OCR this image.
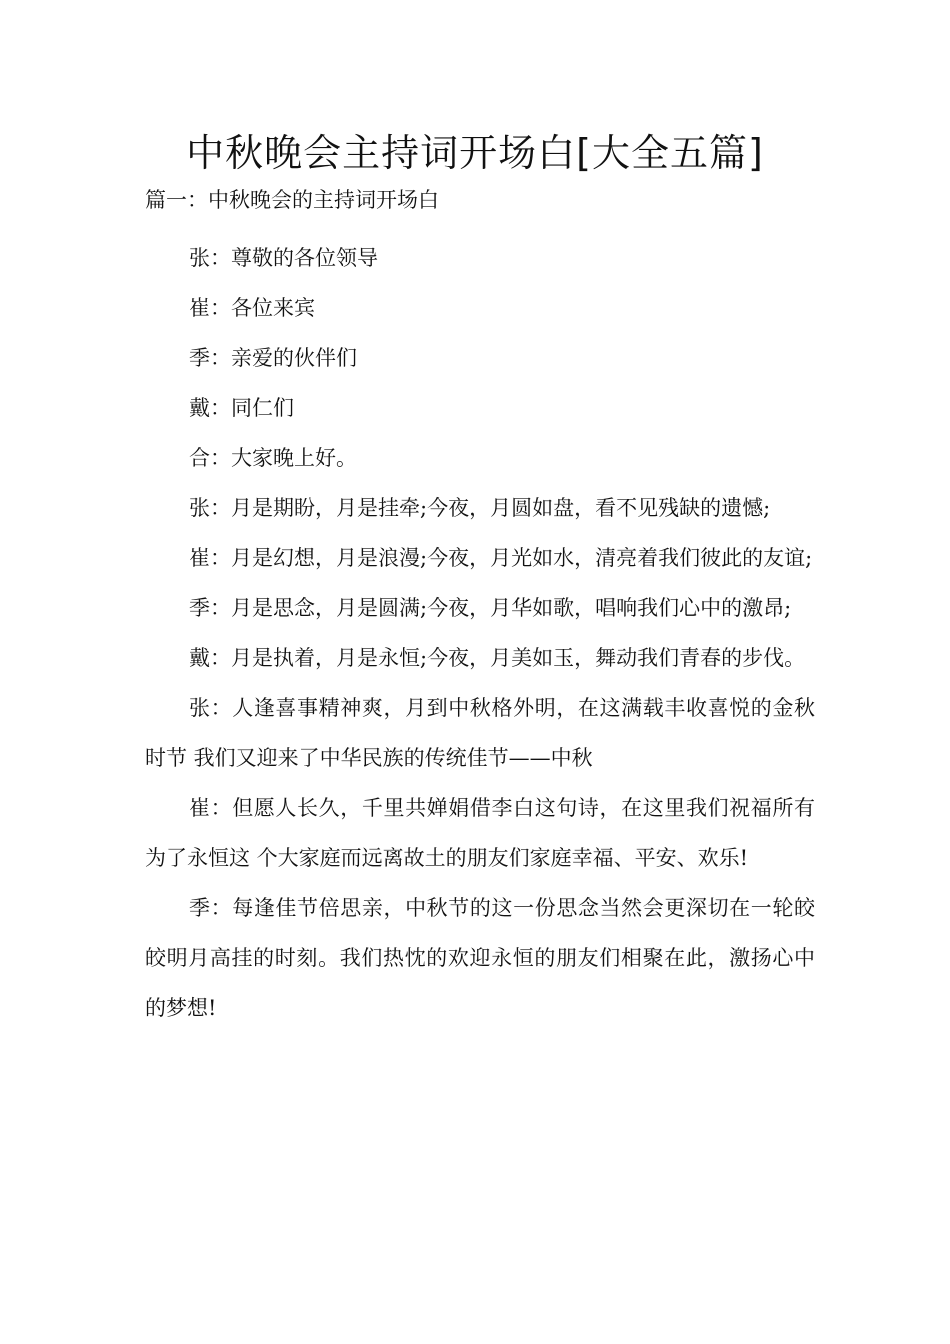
中秋晚会主持词开场白[大全五篇]
篇一：中秋晚会的主持词开场白

张：尊敬的各位领导

崔：各位来宾

季：亲爱的伙伴们

戴：同仁们

合：大家晚上好。

张：月是期盼，月是挂牵;今夜，月圆如盘，看不见残缺的遗憾;

崔：月是幻想，月是浪漫;今夜，月光如水，清亮着我们彼此的友谊;

季：月是思念，月是圆满;今夜，月华如歌，唱响我们心中的激昂;

戴：月是执着，月是永恒;今夜，月美如玉，舞动我们青春的步伐。

张：人逢喜事精神爽，月到中秋格外明，在这满载丰收喜悦的金秋时节 我们又迎来了中华民族的传统佳节——中秋

崔：但愿人长久，千里共婵娟借李白这句诗，在这里我们祝福所有为了永恒这 个大家庭而远离故土的朋友们家庭幸福、平安、欢乐!

季：每逢佳节倍思亲，中秋节的这一份思念当然会更深切在一轮皎皎明月高挂的时刻。我们热忱的欢迎永恒的朋友们相聚在此，激扬心中的梦想!
